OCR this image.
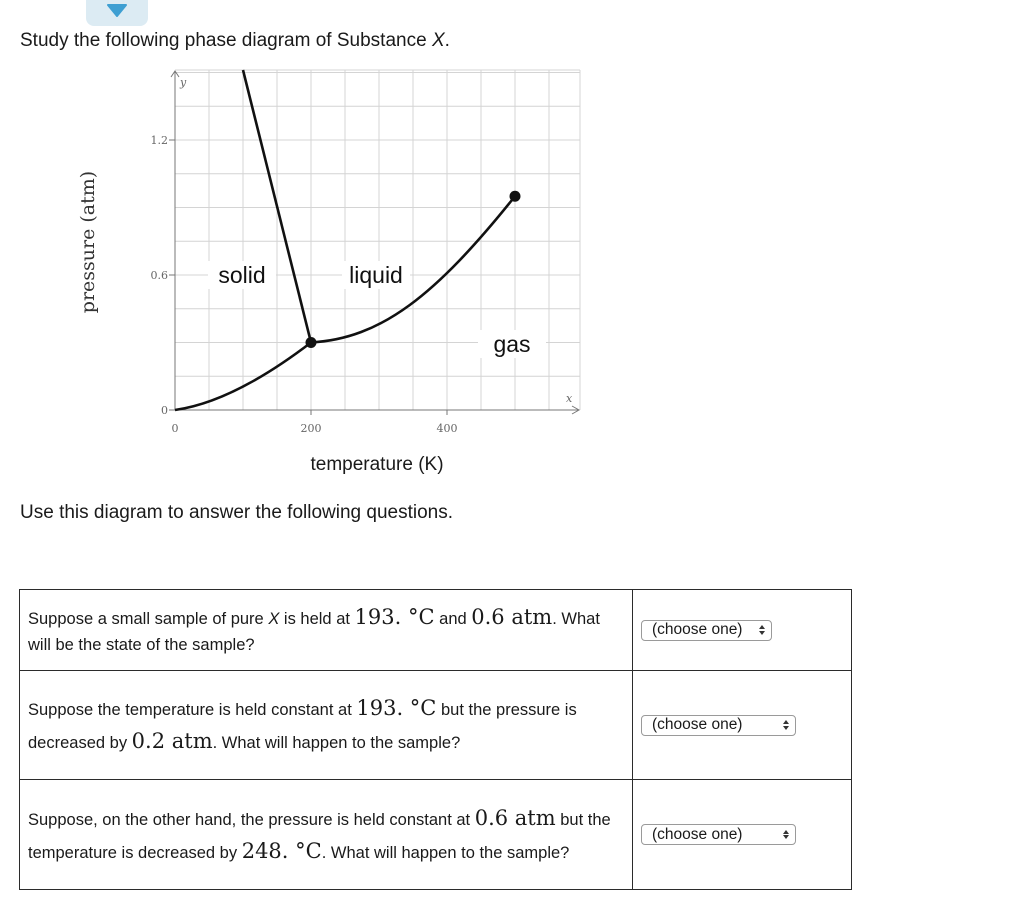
Study the following phase diagram of Substance X.
y
x
1.2
0.6
0
0	200	400
solid	liquid
gas
pressure (atm)
temperature (K)
Use this diagram to answer the following questions.
Suppose a small sample of pure X is held at 193. °C and 0.6 atm. What will be the state of the sample?	(choose one)

Suppose the temperature is held constant at 193. °C but the pressure is decreased by 0.2 atm. What will happen to the sample?	(choose one)

Suppose, on the other hand, the pressure is held constant at 0.6 atm but the temperature is decreased by 248. °C. What will happen to the sample?	(choose one)
